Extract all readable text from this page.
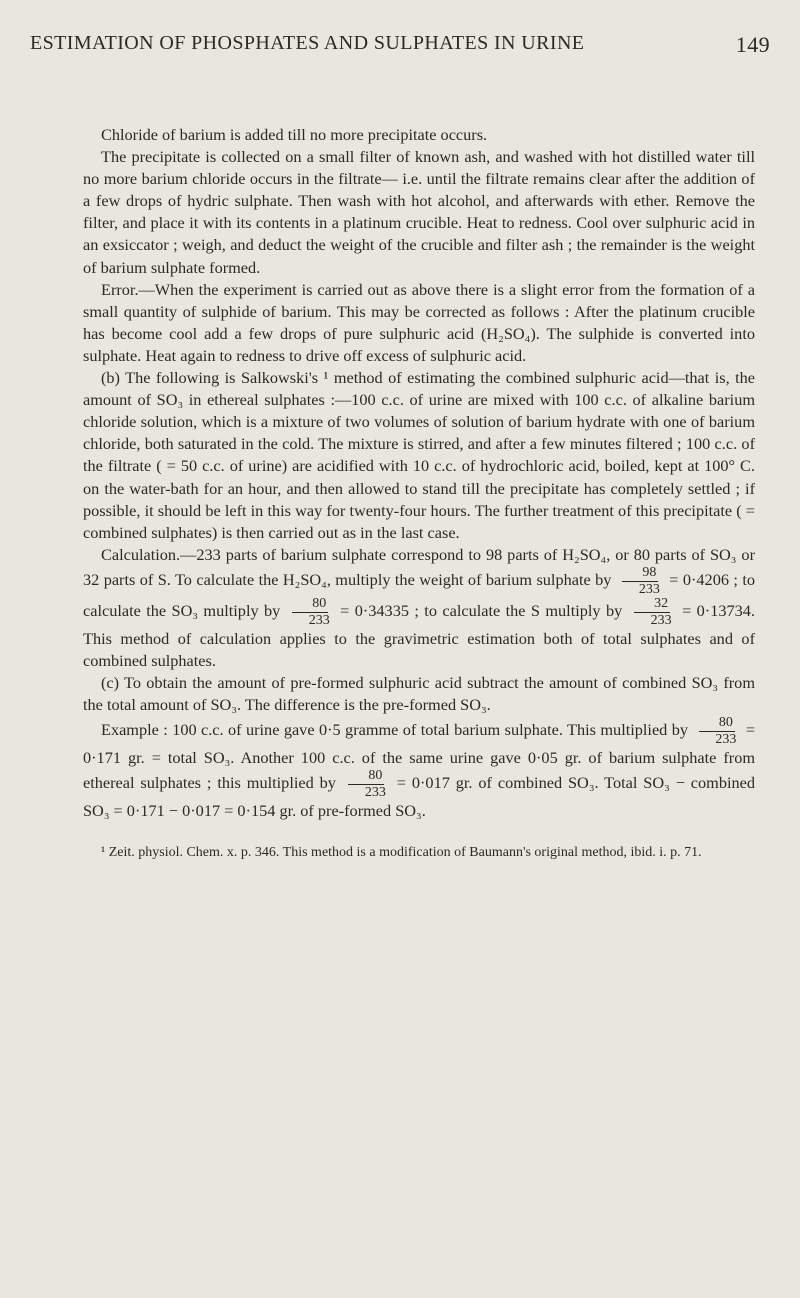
ESTIMATION OF PHOSPHATES AND SULPHATES IN URINE	149

Chloride of barium is added till no more precipitate occurs.

The precipitate is collected on a small filter of known ash, and washed with hot distilled water till no more barium chloride occurs in the filtrate— i.e. until the filtrate remains clear after the addition of a few drops of hydric sulphate. Then wash with hot alcohol, and afterwards with ether. Remove the filter, and place it with its contents in a platinum crucible. Heat to redness. Cool over sulphuric acid in an exsiccator ; weigh, and deduct the weight of the crucible and filter ash ; the remainder is the weight of barium sulphate formed.

Error.—When the experiment is carried out as above there is a slight error from the formation of a small quantity of sulphide of barium. This may be corrected as follows : After the platinum crucible has become cool add a few drops of pure sulphuric acid (H₂SO₄). The sulphide is converted into sulphate. Heat again to redness to drive off excess of sulphuric acid.

(b) The following is Salkowski's ¹ method of estimating the combined sulphuric acid—that is, the amount of SO₃ in ethereal sulphates :—100 c.c. of urine are mixed with 100 c.c. of alkaline barium chloride solution, which is a mixture of two volumes of solution of barium hydrate with one of barium chloride, both saturated in the cold. The mixture is stirred, and after a few minutes filtered ; 100 c.c. of the filtrate ( = 50 c.c. of urine) are acidified with 10 c.c. of hydrochloric acid, boiled, kept at 100° C. on the water-bath for an hour, and then allowed to stand till the precipitate has completely settled ; if possible, it should be left in this way for twenty-four hours. The further treatment of this precipitate ( = combined sulphates) is then carried out as in the last case.

Calculation.—233 parts of barium sulphate correspond to 98 parts of H₂SO₄, or 80 parts of SO₃ or 32 parts of S. To calculate the H₂SO₄, multiply the weight of barium sulphate by $\frac{98}{233} = 0\cdot 4206$ ; to calculate the SO₃ multiply by $\frac{80}{233} = 0\cdot 34335$ ; to calculate the S multiply by $\frac{32}{233} = 0\cdot 13734$. This method of calculation applies to the gravimetric estimation both of total sulphates and of combined sulphates.

(c) To obtain the amount of pre-formed sulphuric acid subtract the amount of combined SO₃ from the total amount of SO₃. The difference is the pre-formed SO₃.

Example : 100 c.c. of urine gave 0·5 gramme of total barium sulphate. This multiplied by $\frac{80}{233} = 0\cdot 171$ gr. = total SO₃. Another 100 c.c. of the same urine gave 0·05 gr. of barium sulphate from ethereal sulphates ; this multiplied by $\frac{80}{233} = 0\cdot 017$ gr. of combined SO₃. Total SO₃ − combined SO₃ = 0·171 − 0·017 = 0·154 gr. of pre-formed SO₃.

¹ Zeit. physiol. Chem. x. p. 346. This method is a modification of Baumann's original method, ibid. i. p. 71.
